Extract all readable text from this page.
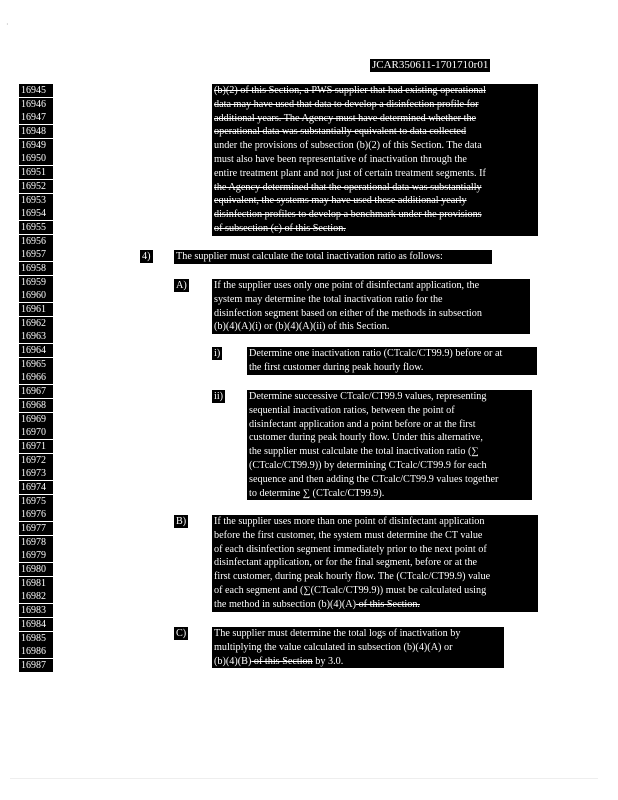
·
JCAR350611-1701710r01
16945
16946
16947
16948
16949
16950
16951
16952
16953
16954
16955
16956
16957
16958
16959
16960
16961
16962
16963
16964
16965
16966
16967
16968
16969
16970
16971
16972
16973
16974
16975
16976
16977
16978
16979
16980
16981
16982
16983
16984
16985
16986
16987
(b)(2) of this Section, a PWS supplier that had existing operational
data may have used that data to develop a disinfection profile for
additional years. The Agency must have determined whether the
operational data was substantially equivalent to data collected
under the provisions of subsection (b)(2) of this Section. The data
must also have been representative of inactivation through the
entire treatment plant and not just of certain treatment segments. If
the Agency determined that the operational data was substantially
equivalent, the systems may have used these additional yearly
disinfection profiles to develop a benchmark under the provisions
of subsection (c) of this Section.
4)	The supplier must calculate the total inactivation ratio as follows:
A)	If the supplier uses only one point of disinfectant application, the
system may determine the total inactivation ratio for the
disinfection segment based on either of the methods in subsection
(b)(4)(A)(i) or (b)(4)(A)(ii) of this Section.
i)	Determine one inactivation ratio (CTcalc/CT99.9) before or at
the first customer during peak hourly flow.
ii)	Determine successive CTcalc/CT99.9 values, representing
sequential inactivation ratios, between the point of
disinfectant application and a point before or at the first
customer during peak hourly flow. Under this alternative,
the supplier must calculate the total inactivation ratio (∑
(CTcalc/CT99.9)) by determining CTcalc/CT99.9 for each
sequence and then adding the CTcalc/CT99.9 values together
to determine ∑ (CTcalc/CT99.9).
B)	If the supplier uses more than one point of disinfectant application
before the first customer, the system must determine the CT value
of each disinfection segment immediately prior to the next point of
disinfectant application, or for the final segment, before or at the
first customer, during peak hourly flow. The (CTcalc/CT99.9) value
of each segment and (∑(CTcalc/CT99.9)) must be calculated using
the method in subsection (b)(4)(A) of this Section.
C)	The supplier must determine the total logs of inactivation by
multiplying the value calculated in subsection (b)(4)(A) or
(b)(4)(B) of this Section by 3.0.
